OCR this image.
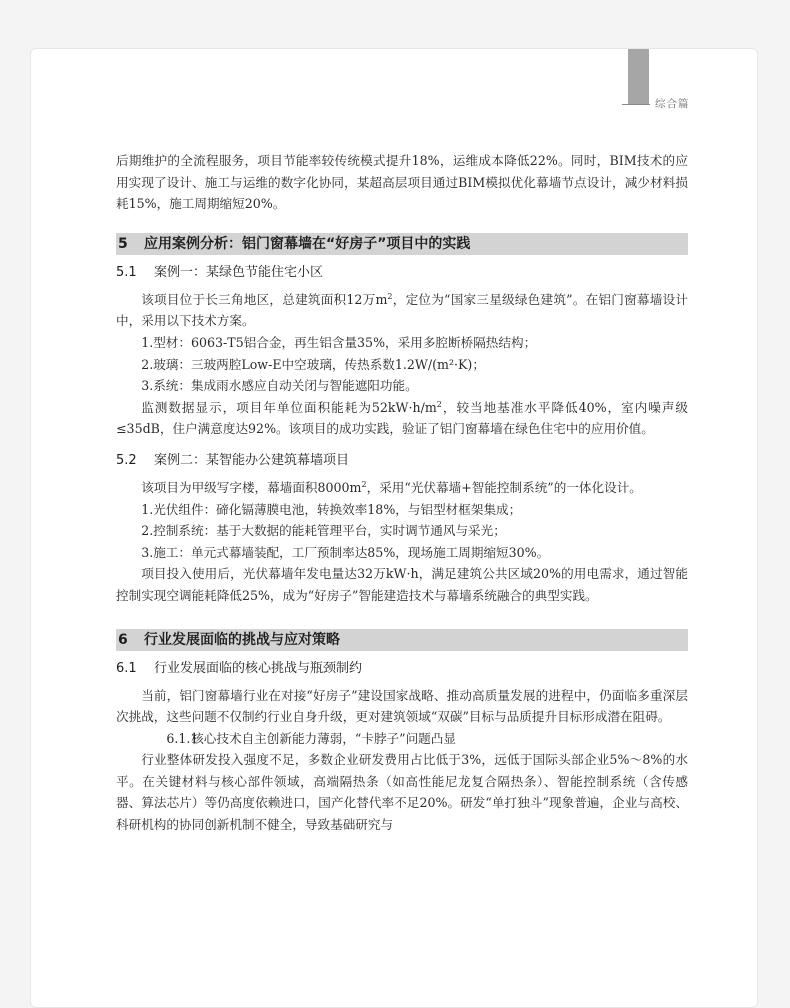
综合篇

后期维护的全流程服务，项目节能率较传统模式提升18%，运维成本降低22%。同时，BIM技术的应用实现了设计、施工与运维的数字化协同，某超高层项目通过BIM模拟优化幕墙节点设计，减少材料损耗15%，施工周期缩短20%。

5 应用案例分析：铝门窗幕墙在“好房子”项目中的实践
5.1 案例一：某绿色节能住宅小区

该项目位于长三角地区，总建筑面积12万$m^2$，定位为“国家三星级绿色建筑”。在铝门窗幕墙设计中，采用以下技术方案。

1.型材：6063-T5铝合金，再生铝含量35%，采用多腔断桥隔热结构；

2.玻璃：三玻两腔Low-E中空玻璃，传热系数1.2W/(m²·K)；

3.系统：集成雨水感应自动关闭与智能遮阳功能。

监测数据显示，项目年单位面积能耗为$52kW\cdot h/m^2$，较当地基准水平降低40%，室内噪声级≤35dB，住户满意度达92%。该项目的成功实践，验证了铝门窗幕墙在绿色住宅中的应用价值。

5.2 案例二：某智能办公建筑幕墙项目

该项目为甲级写字楼，幕墙面积$8000m^2$，采用“光伏幕墙+智能控制系统”的一体化设计。

1.光伏组件：碲化镉薄膜电池，转换效率18%，与铝型材框架集成；

2.控制系统：基于大数据的能耗管理平台，实时调节通风与采光；

3.施工：单元式幕墙装配，工厂预制率达85%，现场施工周期缩短30%。

项目投入使用后，光伏幕墙年发电量达32万kW·h，满足建筑公共区域20%的用电需求，通过智能控制实现空调能耗降低25%，成为“好房子”智能建造技术与幕墙系统融合的典型实践。

6 行业发展面临的挑战与应对策略
6.1 行业发展面临的核心挑战与瓶颈制约

当前，铝门窗幕墙行业在对接“好房子”建设国家战略、推动高质量发展的进程中，仍面临多重深层次挑战，这些问题不仅制约行业自身升级，更对建筑领域“双碳”目标与品质提升目标形成潜在阻碍。

6.1.1核心技术自主创新能力薄弱，“卡脖子”问题凸显

行业整体研发投入强度不足，多数企业研发费用占比低于3%，远低于国际头部企业5%～8%的水平。在关键材料与核心部件领域，高端隔热条（如高性能尼龙复合隔热条）、智能控制系统（含传感器、算法芯片）等仍高度依赖进口，国产化替代率不足20%。研发“单打独斗”现象普遍，企业与高校、科研机构的协同创新机制不健全，导致基础研究与
